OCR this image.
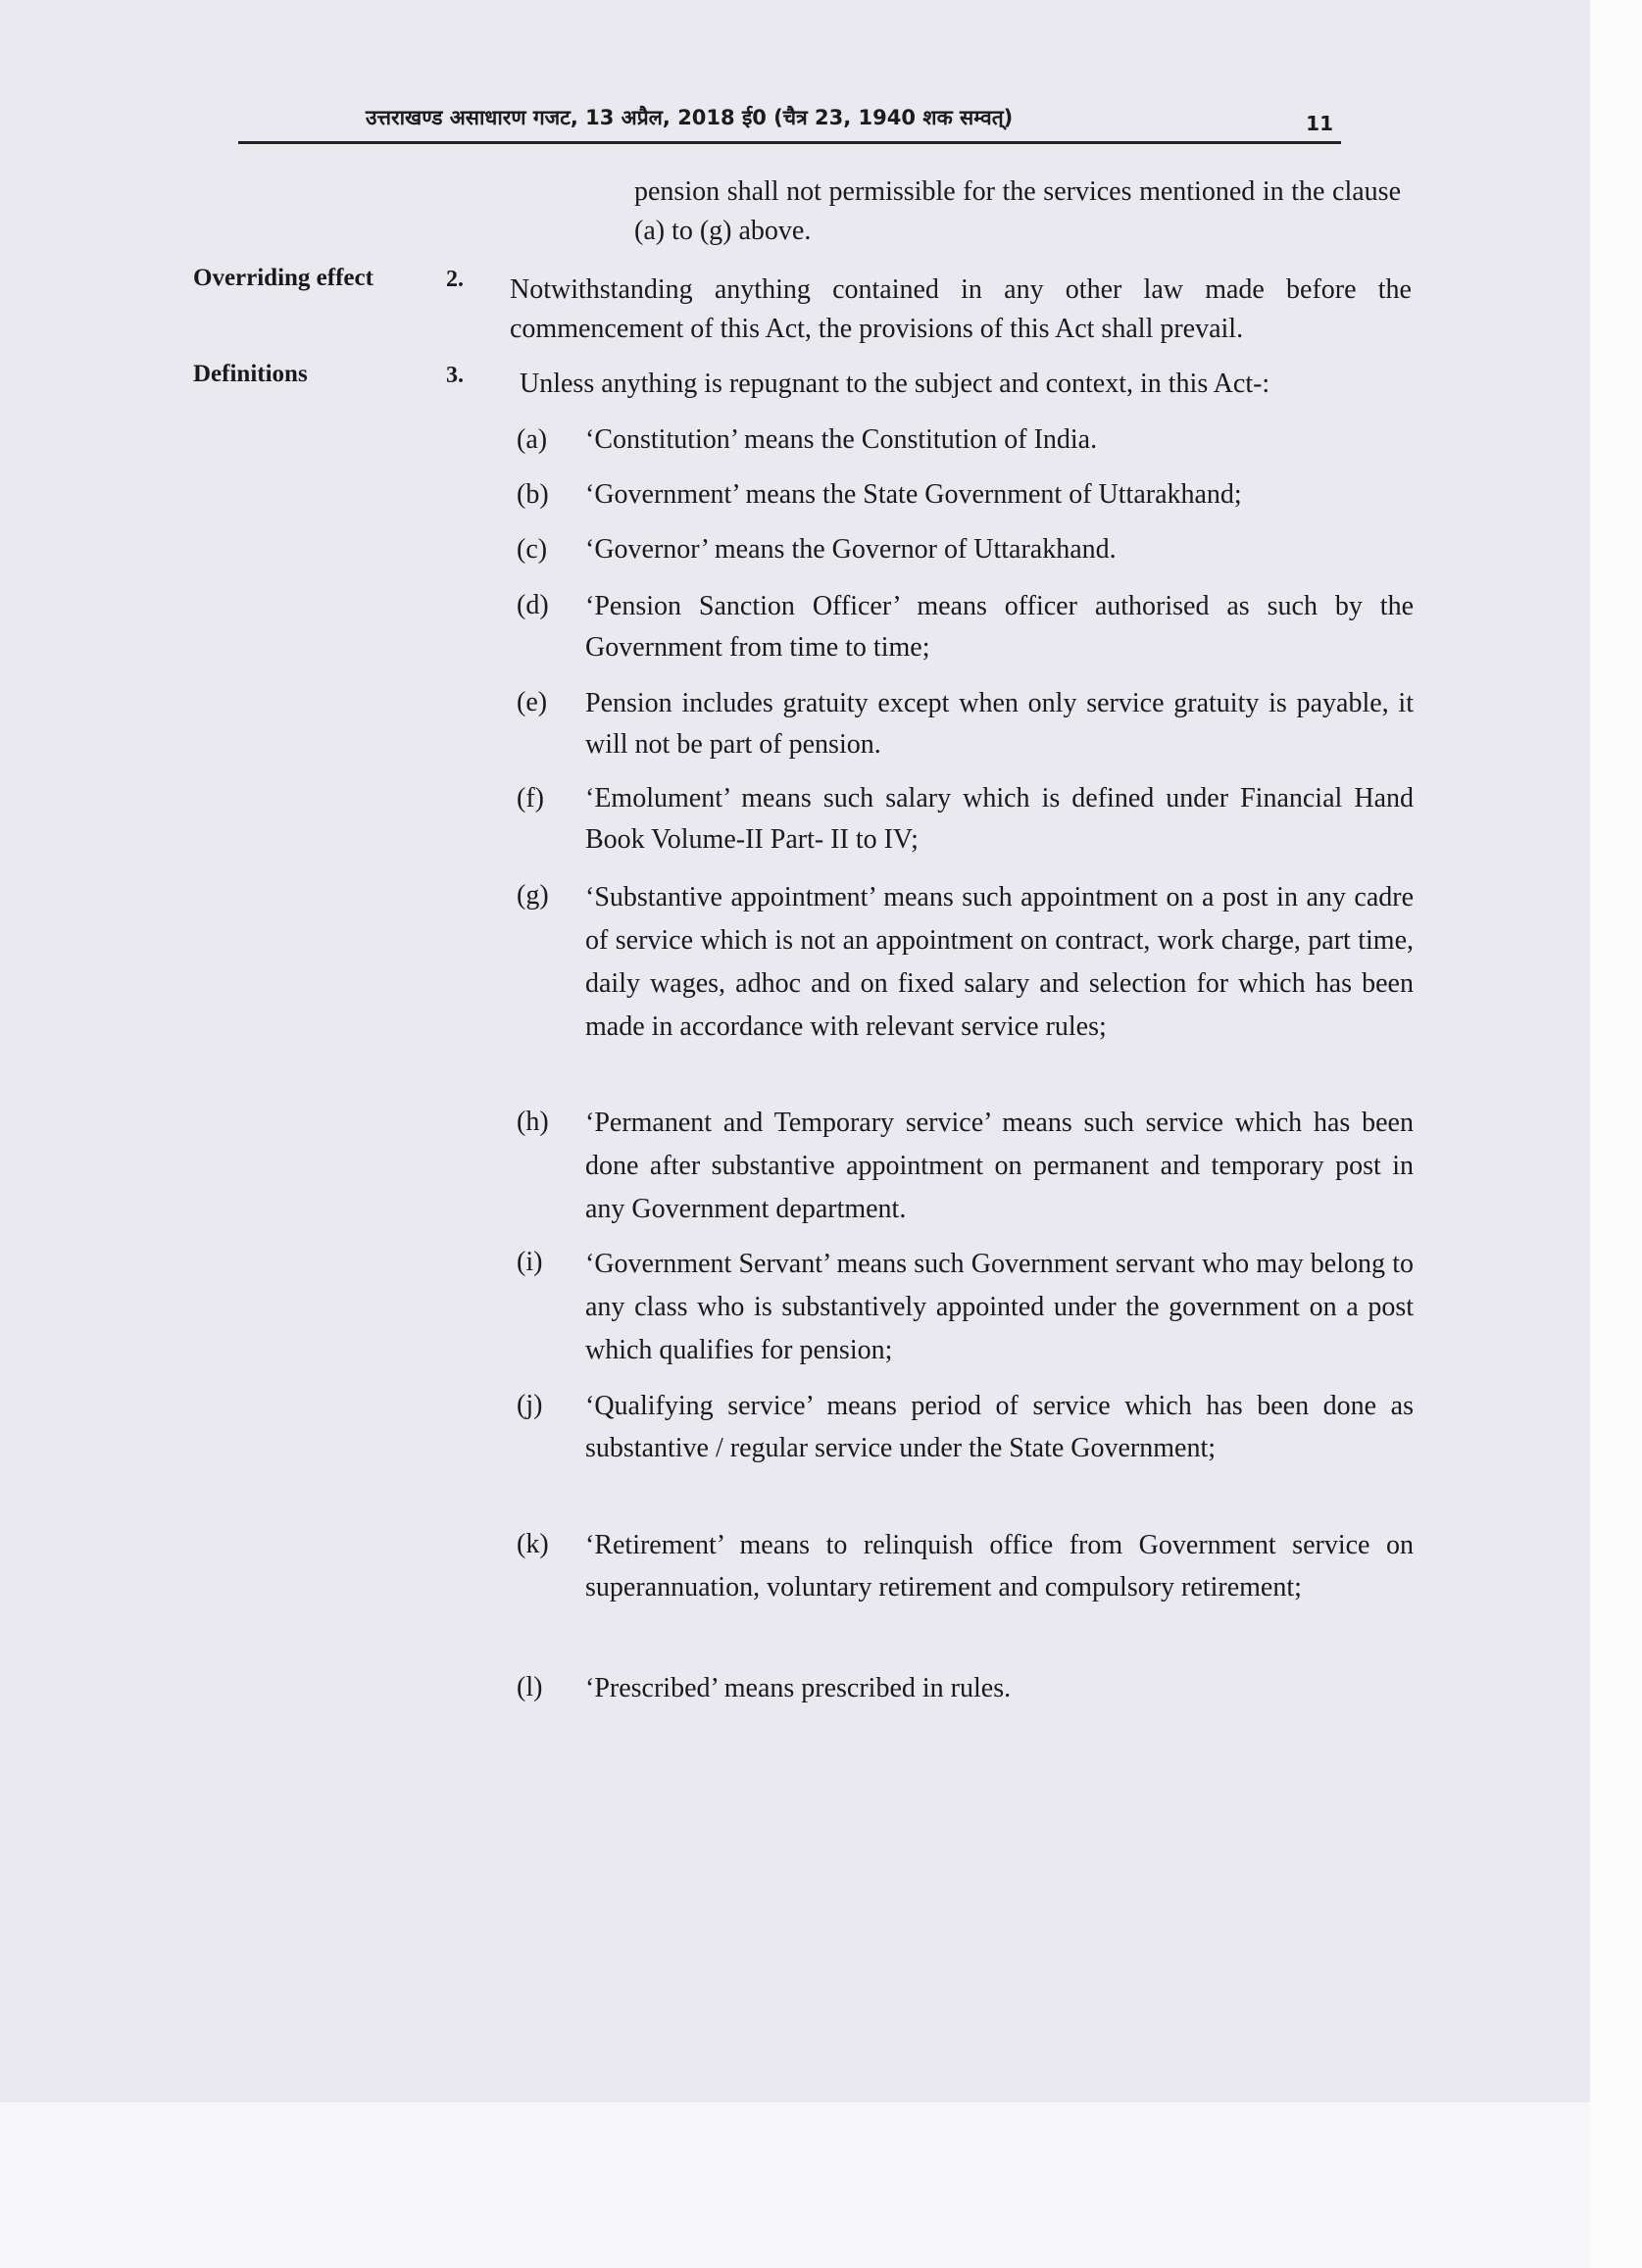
उत्तराखण्ड असाधारण गजट, 13 अप्रैल, 2018 ई0 (चैत्र 23, 1940 शक सम्वत्)	11
pension shall not permissible for the services mentioned in the clause (a) to (g) above.
Overriding effect	2. Notwithstanding anything contained in any other law made before the commencement of this Act, the provisions of this Act shall prevail.
Definitions	3. Unless anything is repugnant to the subject and context, in this Act-:
(a) ‘Constitution’ means the Constitution of India.
(b) ‘Government’ means the State Government of Uttarakhand;
(c) ‘Governor’ means the Governor of Uttarakhand.
(d) ‘Pension Sanction Officer’ means officer authorised as such by the Government from time to time;
(e) Pension includes gratuity except when only service gratuity is payable, it will not be part of pension.
(f) ‘Emolument’ means such salary which is defined under Financial Hand Book Volume-II Part- II to IV;
(g) ‘Substantive appointment’ means such appointment on a post in any cadre of service which is not an appointment on contract, work charge, part time, daily wages, adhoc and on fixed salary and selection for which has been made in accordance with relevant service rules;
(h) ‘Permanent and Temporary service’ means such service which has been done after substantive appointment on permanent and temporary post in any Government department.
(i) ‘Government Servant’ means such Government servant who may belong to any class who is substantively appointed under the government on a post which qualifies for pension;
(j) ‘Qualifying service’ means period of service which has been done as substantive / regular service under the State Government;
(k) ‘Retirement’ means to relinquish office from Government service on superannuation, voluntary retirement and compulsory retirement;
(l) ‘Prescribed’ means prescribed in rules.
